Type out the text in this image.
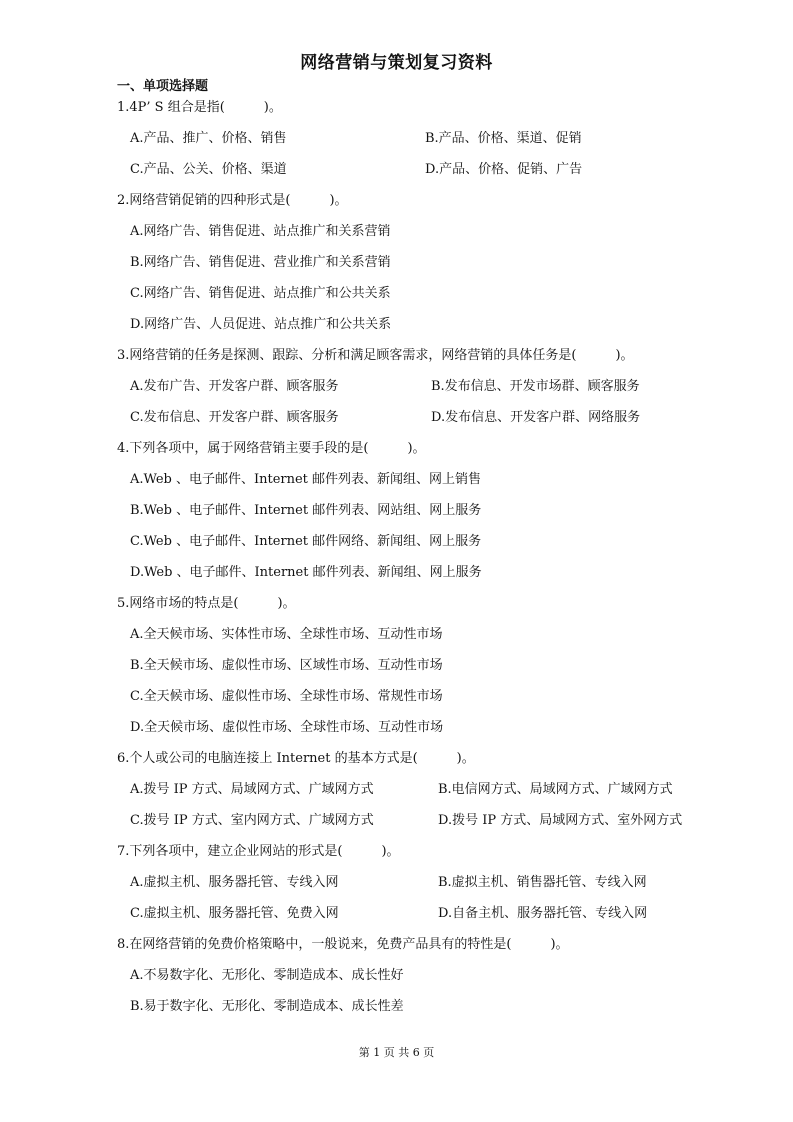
网络营销与策划复习资料
一、单项选择题
1.4P’ S 组合是指(　　　)。
A.产品、推广、价格、销售	B.产品、价格、渠道、促销
C.产品、公关、价格、渠道	D.产品、价格、促销、广告
2.网络营销促销的四种形式是(　　　)。
A.网络广告、销售促进、站点推广和关系营销
B.网络广告、销售促进、营业推广和关系营销
C.网络广告、销售促进、站点推广和公共关系
D.网络广告、人员促进、站点推广和公共关系
3.网络营销的任务是探测、跟踪、分析和满足顾客需求，网络营销的具体任务是(　　　)。
A.发布广告、开发客户群、顾客服务	B.发布信息、开发市场群、顾客服务
C.发布信息、开发客户群、顾客服务	D.发布信息、开发客户群、网络服务
4.下列各项中，属于网络营销主要手段的是(　　　)。
A.Web 、电子邮件、Internet 邮件列表、新闻组、网上销售
B.Web 、电子邮件、Internet 邮件列表、网站组、网上服务
C.Web 、电子邮件、Internet 邮件网络、新闻组、网上服务
D.Web 、电子邮件、Internet 邮件列表、新闻组、网上服务
5.网络市场的特点是(　　　)。
A.全天候市场、实体性市场、全球性市场、互动性市场
B.全天候市场、虚似性市场、区域性市场、互动性市场
C.全天候市场、虚似性市场、全球性市场、常规性市场
D.全天候市场、虚似性市场、全球性市场、互动性市场
6.个人或公司的电脑连接上 Internet 的基本方式是(　　　)。
A.拨号 IP 方式、局域网方式、广域网方式	B.电信网方式、局域网方式、广域网方式
C.拨号 IP 方式、室内网方式、广域网方式	D.拨号 IP 方式、局域网方式、室外网方式
7.下列各项中，建立企业网站的形式是(　　　)。
A.虚拟主机、服务器托管、专线入网	B.虚拟主机、销售器托管、专线入网
C.虚拟主机、服务器托管、免费入网	D.自备主机、服务器托管、专线入网
8.在网络营销的免费价格策略中，一般说来，免费产品具有的特性是(　　　)。
A.不易数字化、无形化、零制造成本、成长性好
B.易于数字化、无形化、零制造成本、成长性差
第 1 页 共 6 页
